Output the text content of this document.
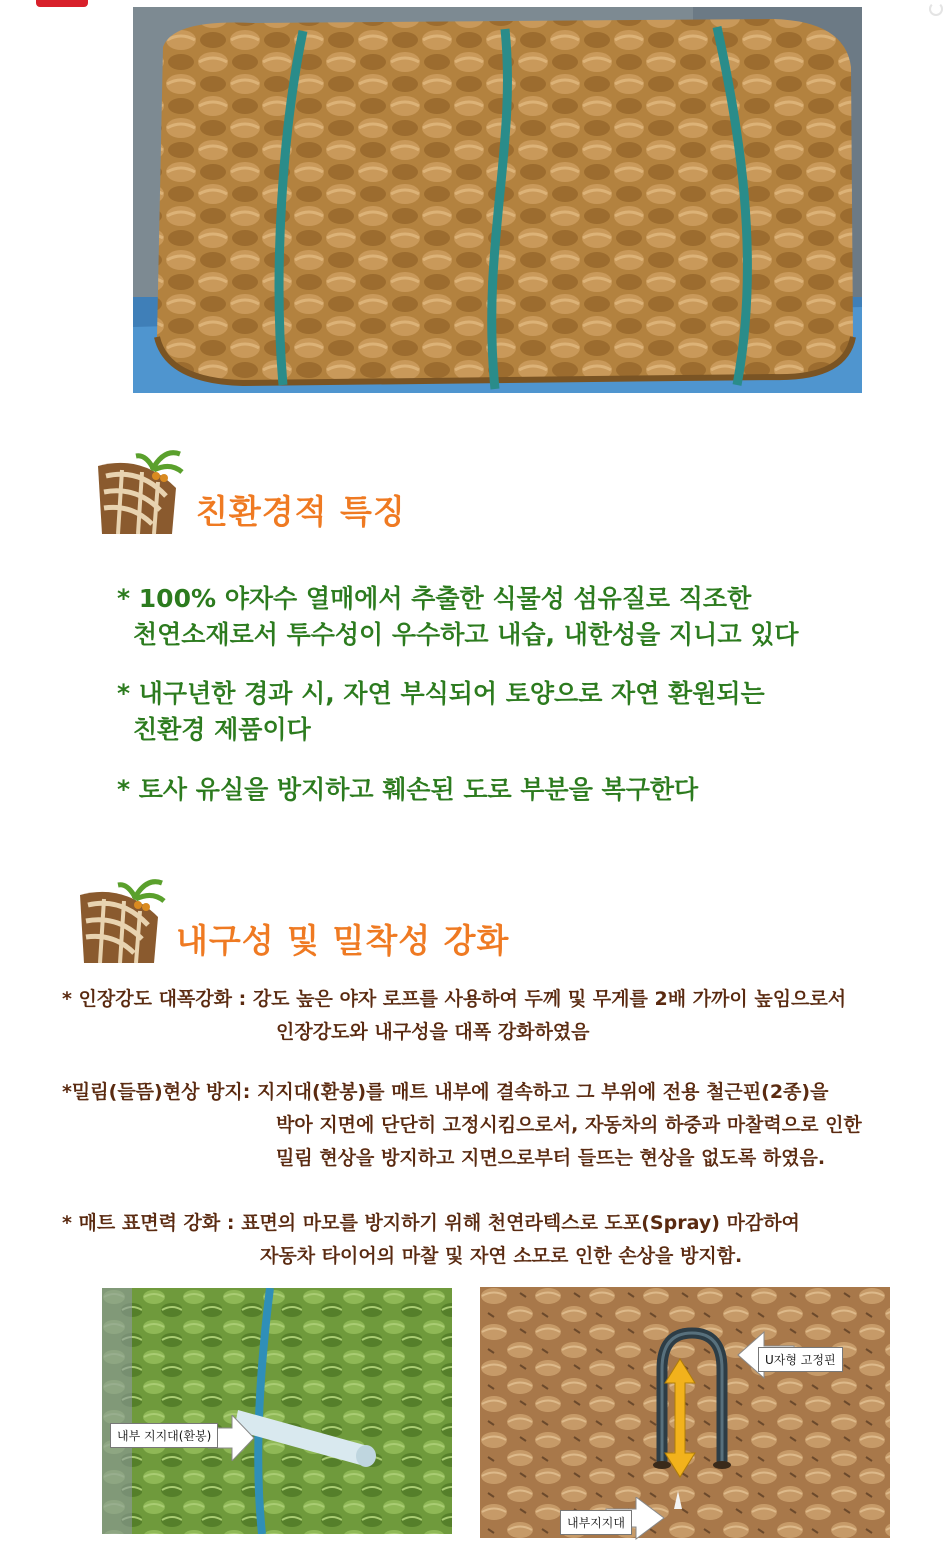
친환경적 특징
* 100% 야자수 열매에서 추출한 식물성 섬유질로 직조한
천연소재로서 투수성이 우수하고 내습, 내한성을 지니고 있다
* 내구년한 경과 시, 자연 부식되어 토양으로 자연 환원되는
친환경 제품이다
* 토사 유실을 방지하고 훼손된 도로 부분을 복구한다
내구성 및 밀착성 강화
* 인장강도 대폭강화 : 강도 높은 야자 로프를 사용하여 두께 및 무게를 2배 가까이 높임으로서
인장강도와 내구성을 대폭 강화하였음
*밀림(들뜸)현상 방지: 지지대(환봉)를 매트 내부에 결속하고 그 부위에 전용 철근핀(2종)을
박아 지면에 단단히 고정시킴으로서, 자동차의 하중과 마찰력으로 인한
밀림 현상을 방지하고 지면으로부터 들뜨는 현상을 없도록 하였음.
* 매트 표면력 강화 : 표면의 마모를 방지하기 위해 천연라텍스로 도포(Spray) 마감하여
자동차 타이어의 마찰 및 자연 소모로 인한 손상을 방지함.
내부 지지대(환봉)
U자형 고정핀
내부지지대
